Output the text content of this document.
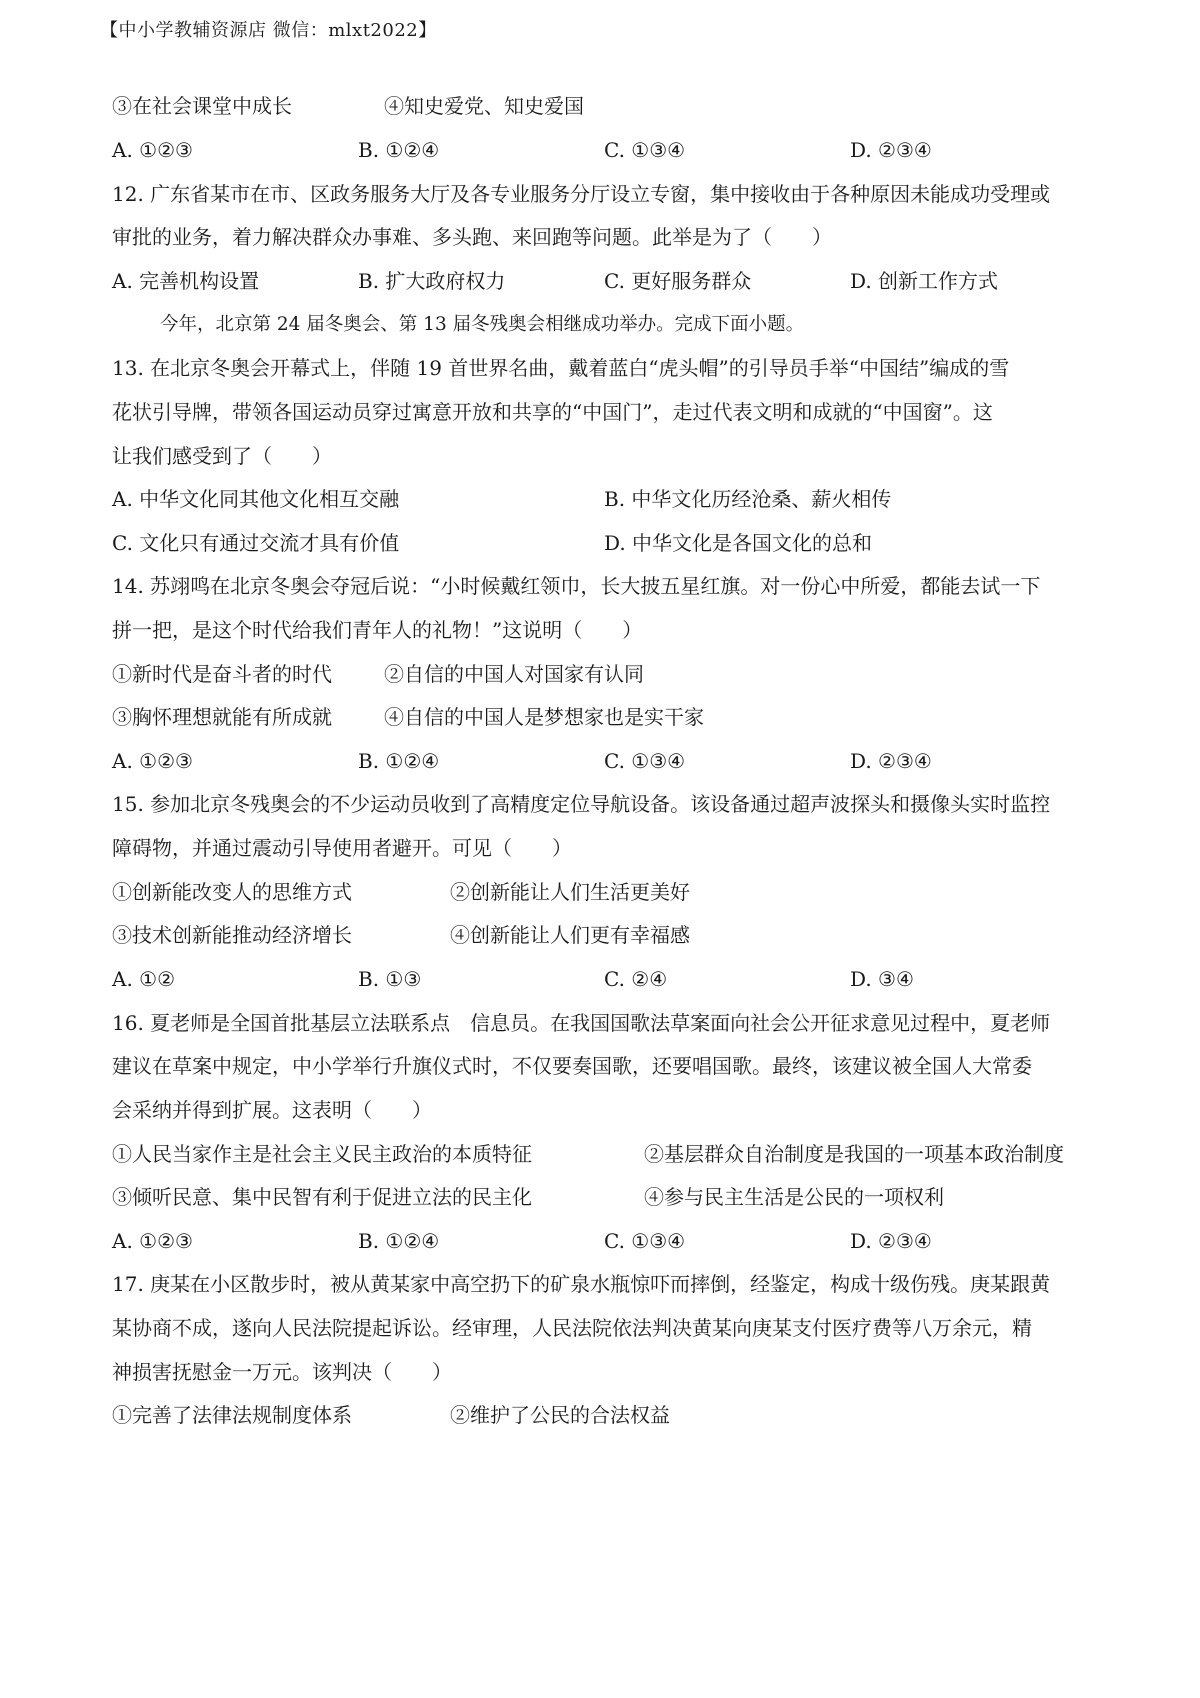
【中小学教辅资源店 微信：mlxt2022】
③在社会课堂中成长	④知史爱党、知史爱国
A. ①②③	B. ①②④	C. ①③④	D. ②③④
12. 广东省某市在市、区政务服务大厅及各专业服务分厅设立专窗，集中接收由于各种原因未能成功受理或
审批的业务，着力解决群众办事难、多头跑、来回跑等问题。此举是为了（　　）
A. 完善机构设置	B. 扩大政府权力	C. 更好服务群众	D. 创新工作方式
今年，北京第 24 届冬奥会、第 13 届冬残奥会相继成功举办。完成下面小题。
13. 在北京冬奥会开幕式上，伴随 19 首世界名曲，戴着蓝白“虎头帽”的引导员手举“中国结”编成的雪
花状引导牌，带领各国运动员穿过寓意开放和共享的“中国门”，走过代表文明和成就的“中国窗”。这
让我们感受到了（　　）
A. 中华文化同其他文化相互交融	B. 中华文化历经沧桑、薪火相传
C. 文化只有通过交流才具有价值	D. 中华文化是各国文化的总和
14. 苏翊鸣在北京冬奥会夺冠后说：“小时候戴红领巾，长大披五星红旗。对一份心中所爱，都能去试一下
拼一把，是这个时代给我们青年人的礼物！”这说明（　　）
①新时代是奋斗者的时代	②自信的中国人对国家有认同
③胸怀理想就能有所成就	④自信的中国人是梦想家也是实干家
A. ①②③	B. ①②④	C. ①③④	D. ②③④
15. 参加北京冬残奥会的不少运动员收到了高精度定位导航设备。该设备通过超声波探头和摄像头实时监控
障碍物，并通过震动引导使用者避开。可见（　　）
①创新能改变人的思维方式	②创新能让人们生活更美好
③技术创新能推动经济增长	④创新能让人们更有幸福感
A. ①②	B. ①③	C. ②④	D. ③④
16. 夏老师是全国首批基层立法联系点　信息员。在我国国歌法草案面向社会公开征求意见过程中，夏老师
建议在草案中规定，中小学举行升旗仪式时，不仅要奏国歌，还要唱国歌。最终，该建议被全国人大常委
会采纳并得到扩展。这表明（　　）
①人民当家作主是社会主义民主政治的本质特征	②基层群众自治制度是我国的一项基本政治制度
③倾听民意、集中民智有利于促进立法的民主化	④参与民主生活是公民的一项权利
A. ①②③	B. ①②④	C. ①③④	D. ②③④
17. 庚某在小区散步时，被从黄某家中高空扔下的矿泉水瓶惊吓而摔倒，经鉴定，构成十级伤残。庚某跟黄
某协商不成，遂向人民法院提起诉讼。经审理，人民法院依法判决黄某向庚某支付医疗费等八万余元，精
神损害抚慰金一万元。该判决（　　）
①完善了法律法规制度体系	②维护了公民的合法权益
